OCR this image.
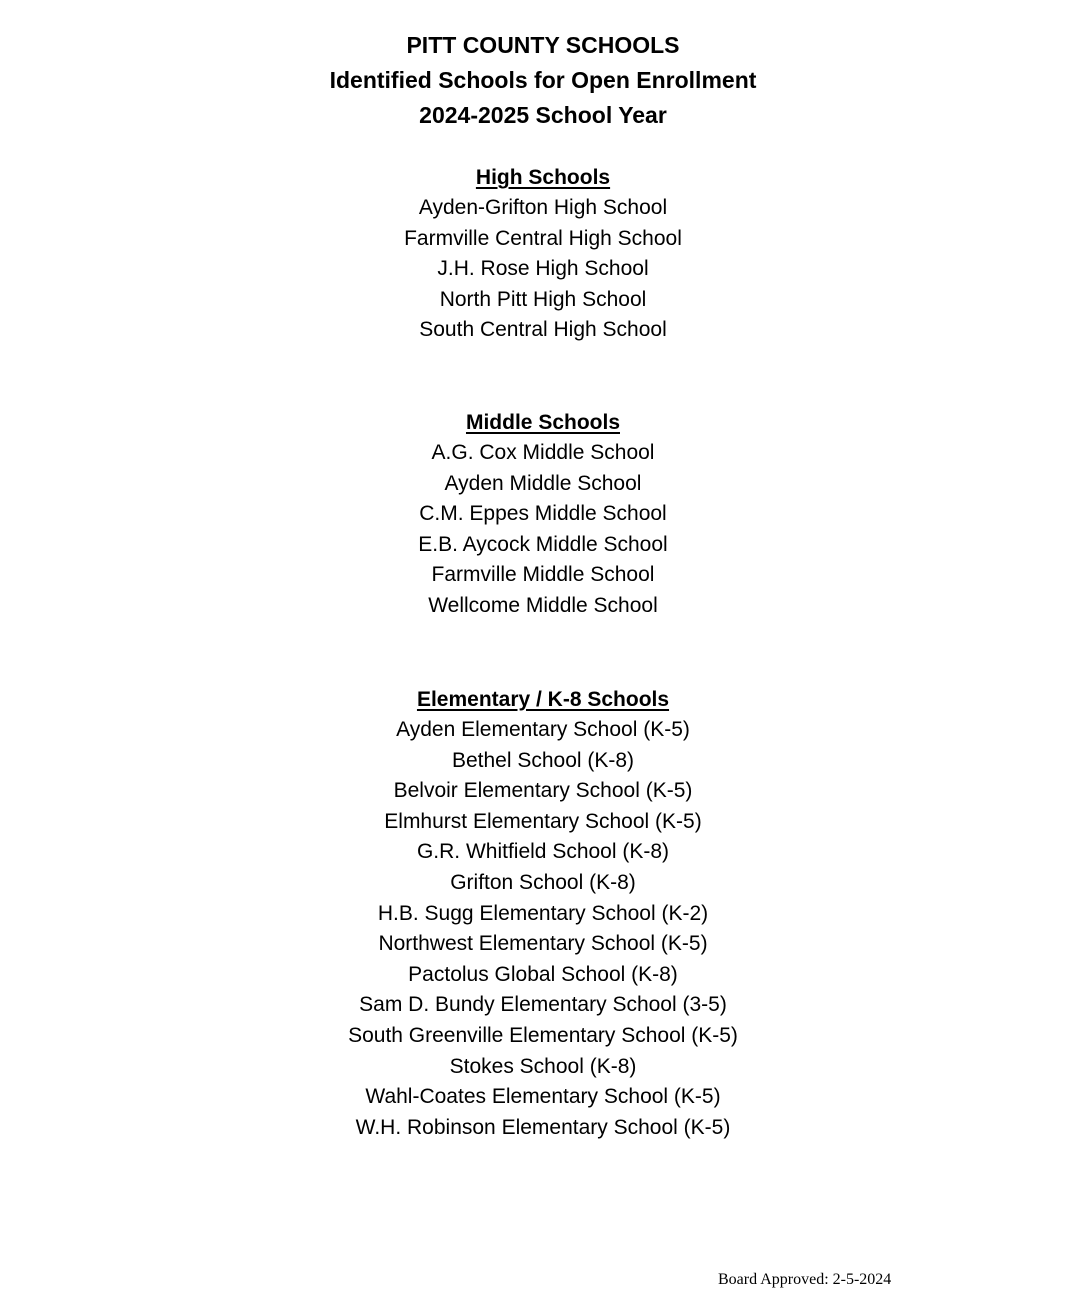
PITT COUNTY SCHOOLS
Identified Schools for Open Enrollment
2024-2025 School Year
High Schools
Ayden-Grifton High School
Farmville Central High School
J.H. Rose High School
North Pitt High School
South Central High School
Middle Schools
A.G. Cox Middle School
Ayden Middle School
C.M. Eppes Middle School
E.B. Aycock Middle School
Farmville Middle School
Wellcome Middle School
Elementary / K-8 Schools
Ayden Elementary School (K-5)
Bethel School (K-8)
Belvoir Elementary School (K-5)
Elmhurst Elementary School (K-5)
G.R. Whitfield School (K-8)
Grifton School (K-8)
H.B. Sugg Elementary School (K-2)
Northwest Elementary School (K-5)
Pactolus Global School (K-8)
Sam D. Bundy Elementary School (3-5)
South Greenville Elementary School (K-5)
Stokes School (K-8)
Wahl-Coates Elementary School (K-5)
W.H. Robinson Elementary School (K-5)
Board Approved: 2-5-2024
